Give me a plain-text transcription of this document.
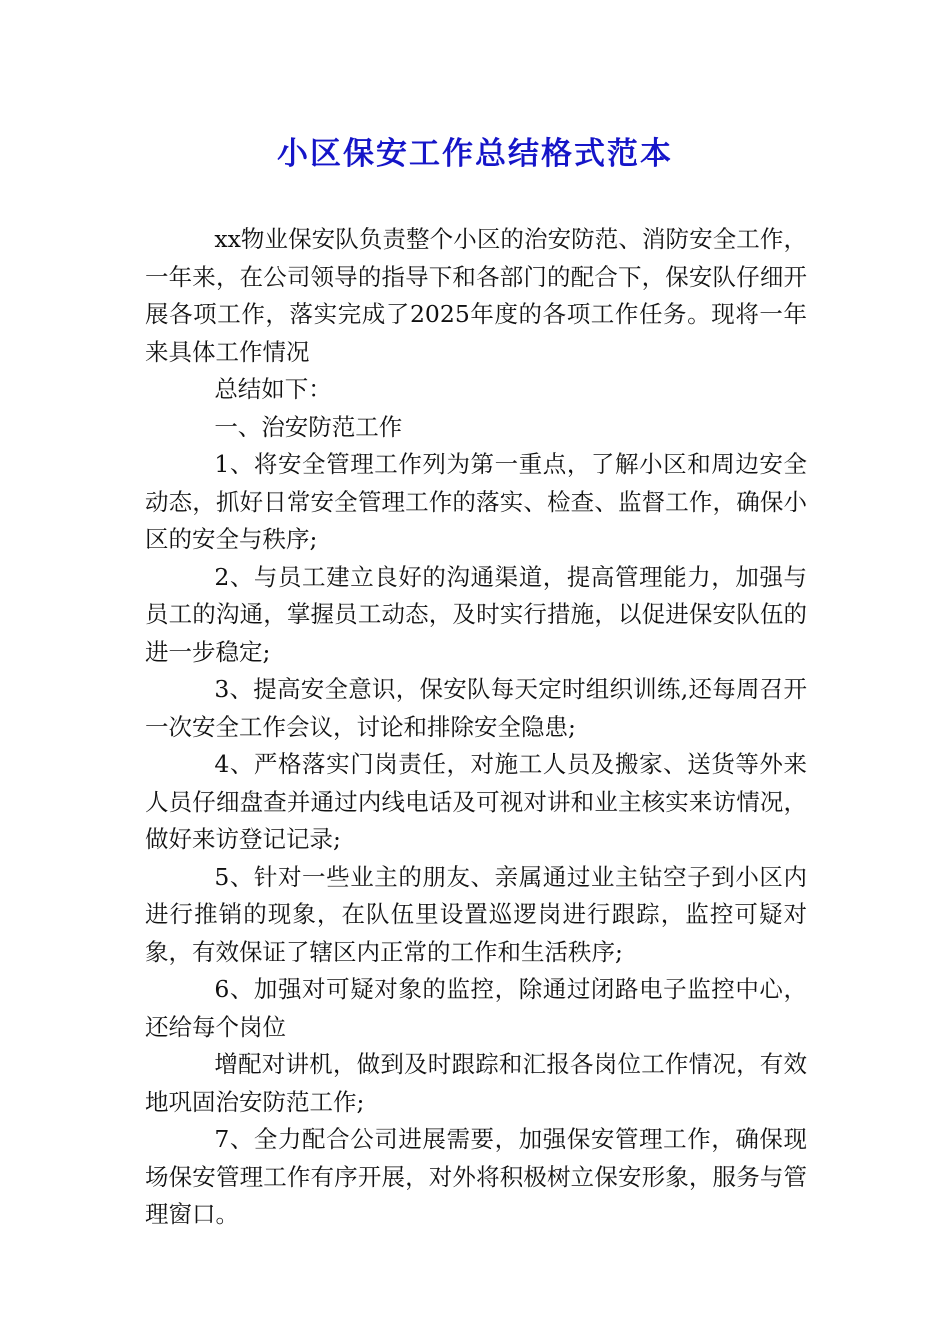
小区保安工作总结格式范本

xx物业保安队负责整个小区的治安防范、消防安全工作，一年来，在公司领导的指导下和各部门的配合下，保安队仔细开展各项工作，落实完成了2025年度的各项工作任务。现将一年来具体工作情况

总结如下：

一、治安防范工作

1、将安全管理工作列为第一重点，了解小区和周边安全动态，抓好日常安全管理工作的落实、检查、监督工作，确保小区的安全与秩序;

2、与员工建立良好的沟通渠道，提高管理能力，加强与员工的沟通，掌握员工动态，及时实行措施，以促进保安队伍的进一步稳定;

3、提高安全意识，保安队每天定时组织训练,还每周召开一次安全工作会议，讨论和排除安全隐患;

4、严格落实门岗责任，对施工人员及搬家、送货等外来人员仔细盘查并通过内线电话及可视对讲和业主核实来访情况，做好来访登记记录;

5、针对一些业主的朋友、亲属通过业主钻空子到小区内进行推销的现象，在队伍里设置巡逻岗进行跟踪，监控可疑对象，有效保证了辖区内正常的工作和生活秩序;

6、加强对可疑对象的监控，除通过闭路电子监控中心，还给每个岗位

增配对讲机，做到及时跟踪和汇报各岗位工作情况，有效地巩固治安防范工作;

7、全力配合公司进展需要，加强保安管理工作，确保现场保安管理工作有序开展，对外将积极树立保安形象，服务与管理窗口。
